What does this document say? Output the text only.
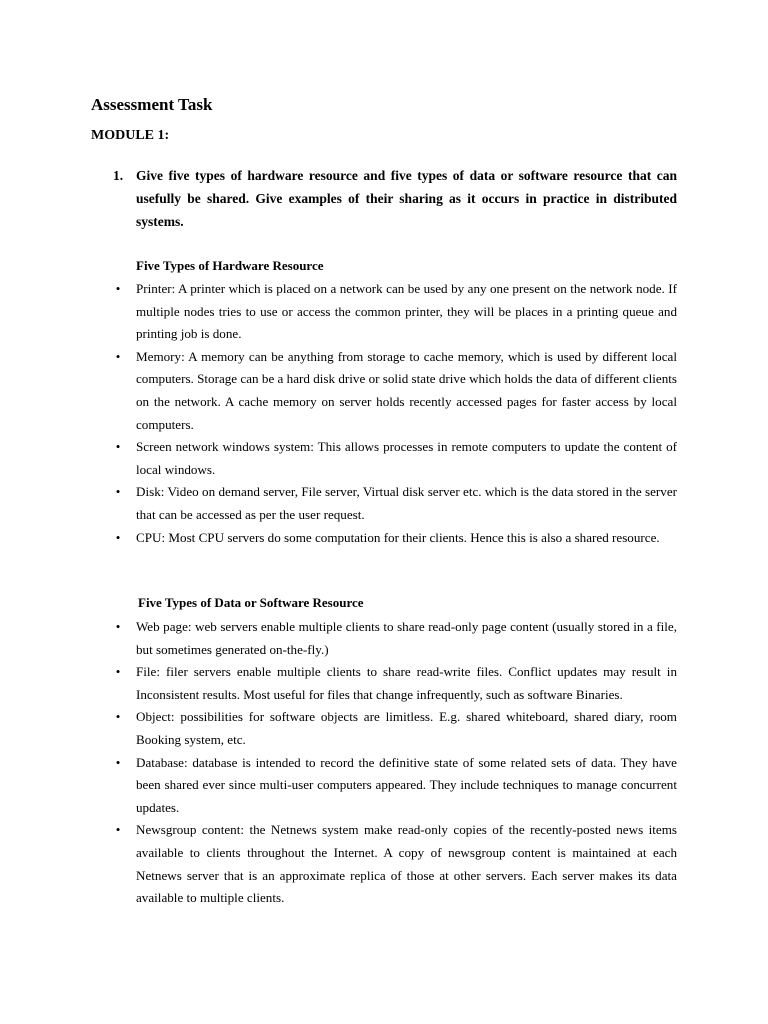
Assessment Task
MODULE 1:
1. Give five types of hardware resource and five types of data or software resource that can usefully be shared. Give examples of their sharing as it occurs in practice in distributed systems.
Five Types of Hardware Resource
• Printer: A printer which is placed on a network can be used by any one present on the network node. If multiple nodes tries to use or access the common printer, they will be places in a printing queue and printing job is done.
• Memory: A memory can be anything from storage to cache memory, which is used by different local computers. Storage can be a hard disk drive or solid state drive which holds the data of different clients on the network. A cache memory on server holds recently accessed pages for faster access by local computers.
• Screen network windows system: This allows processes in remote computers to update the content of local windows.
• Disk: Video on demand server, File server, Virtual disk server etc. which is the data stored in the server that can be accessed as per the user request.
• CPU: Most CPU servers do some computation for their clients. Hence this is also a shared resource.
Five Types of Data or Software Resource
• Web page: web servers enable multiple clients to share read-only page content (usually stored in a file, but sometimes generated on-the-fly.)
• File: filer servers enable multiple clients to share read-write files. Conflict updates may result in Inconsistent results. Most useful for files that change infrequently, such as software Binaries.
• Object: possibilities for software objects are limitless. E.g. shared whiteboard, shared diary, room Booking system, etc.
• Database: database is intended to record the definitive state of some related sets of data. They have been shared ever since multi-user computers appeared. They include techniques to manage concurrent updates.
• Newsgroup content: the Netnews system make read-only copies of the recently-posted news items available to clients throughout the Internet. A copy of newsgroup content is maintained at each Netnews server that is an approximate replica of those at other servers. Each server makes its data available to multiple clients.
